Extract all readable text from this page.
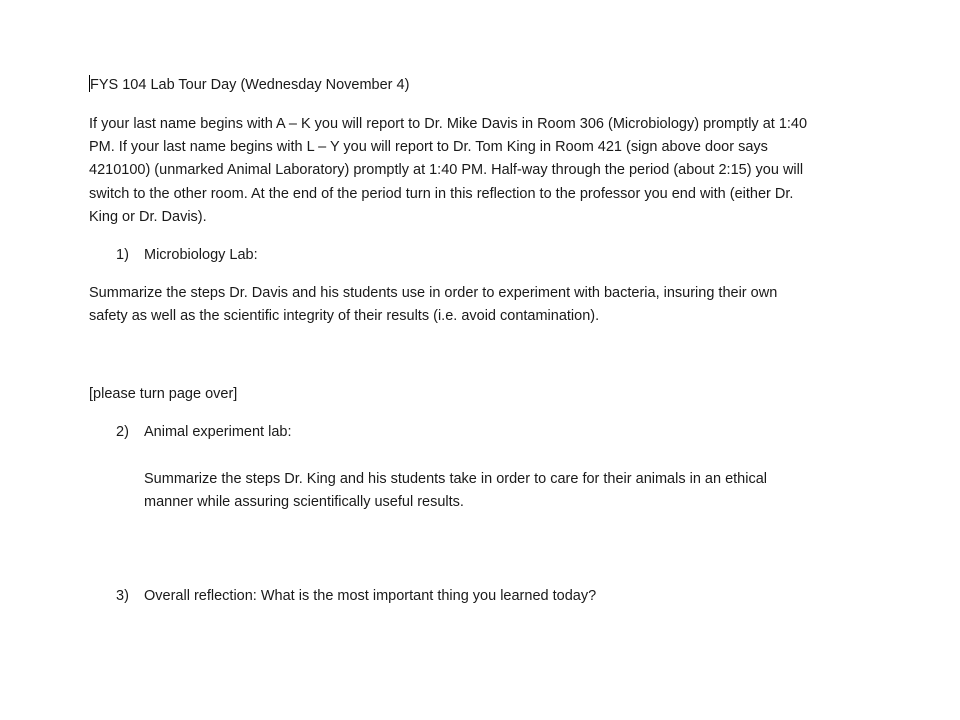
FYS 104 Lab Tour Day (Wednesday November 4)
If your last name begins with A – K you will report to Dr. Mike Davis in Room 306 (Microbiology) promptly at 1:40 PM. If your last name begins with L – Y you will report to Dr. Tom King in Room 421 (sign above door says 4210100) (unmarked Animal Laboratory) promptly at 1:40 PM. Half-way through the period (about 2:15) you will switch to the other room. At the end of the period turn in this reflection to the professor you end with (either Dr. King or Dr. Davis).
1) Microbiology Lab:
Summarize the steps Dr. Davis and his students use in order to experiment with bacteria, insuring their own safety as well as the scientific integrity of their results (i.e. avoid contamination).
[please turn page over]
2) Animal experiment lab:
Summarize the steps Dr. King and his students take in order to care for their animals in an ethical manner while assuring scientifically useful results.
3) Overall reflection: What is the most important thing you learned today?
